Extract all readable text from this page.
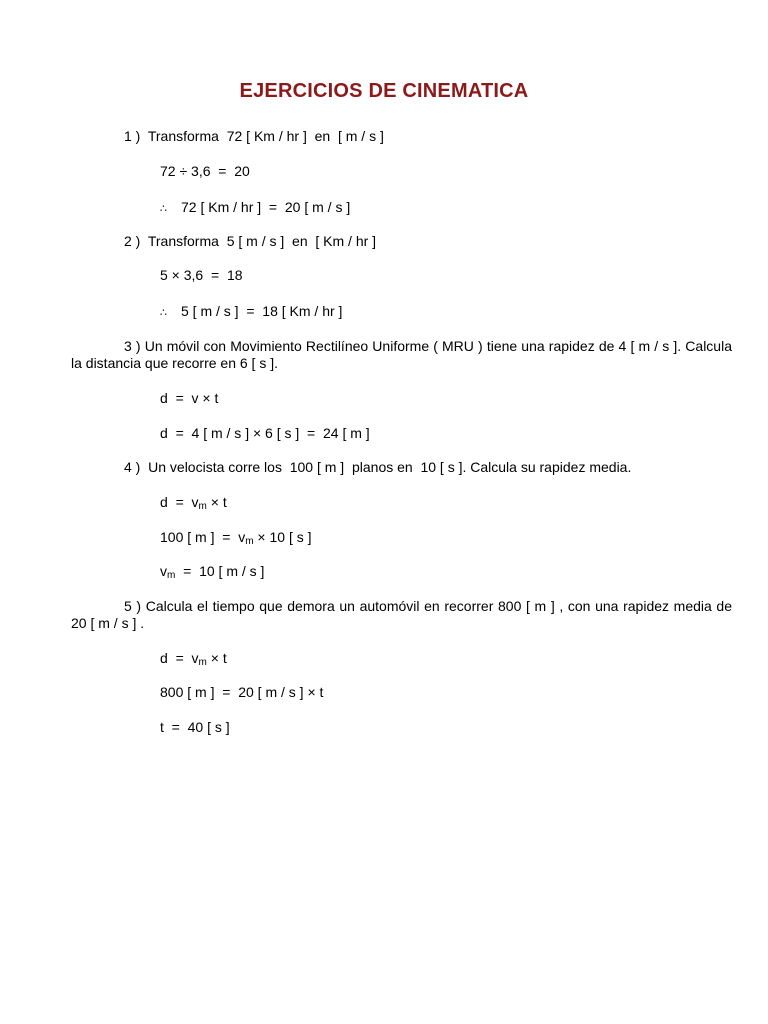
EJERCICIOS DE CINEMATICA
1 )  Transforma  72 [ Km / hr ]  en  [ m / s ]
72 ÷ 3,6  =  20
∴ 72 [ Km / hr ]  =  20 [ m / s ]
2 )  Transforma  5 [ m / s ]  en  [ Km / hr ]
5 × 3,6  =  18
∴ 5 [ m / s ]  =  18 [ Km / hr ]
3 ) Un móvil con Movimiento Rectilíneo Uniforme ( MRU ) tiene una rapidez de 4 [ m / s ]. Calcula la distancia que recorre en 6 [ s ].
d  =  v × t
d  =  4 [ m / s ] × 6 [ s ]  =  24 [ m ]
4 )  Un velocista corre los  100 [ m ]  planos en  10 [ s ]. Calcula su rapidez media.
$d = v_m \times t$
100 [ m ]  =  $v_m \times 10$ [ s ]
$v_m = 10$ [ m / s ]
5 ) Calcula el tiempo que demora un automóvil en recorrer 800 [ m ] , con una rapidez media de 20 [ m / s ] .
$d = v_m \times t$
800 [ m ]  =  20 [ m / s ] × t
t  =  40 [ s ]
